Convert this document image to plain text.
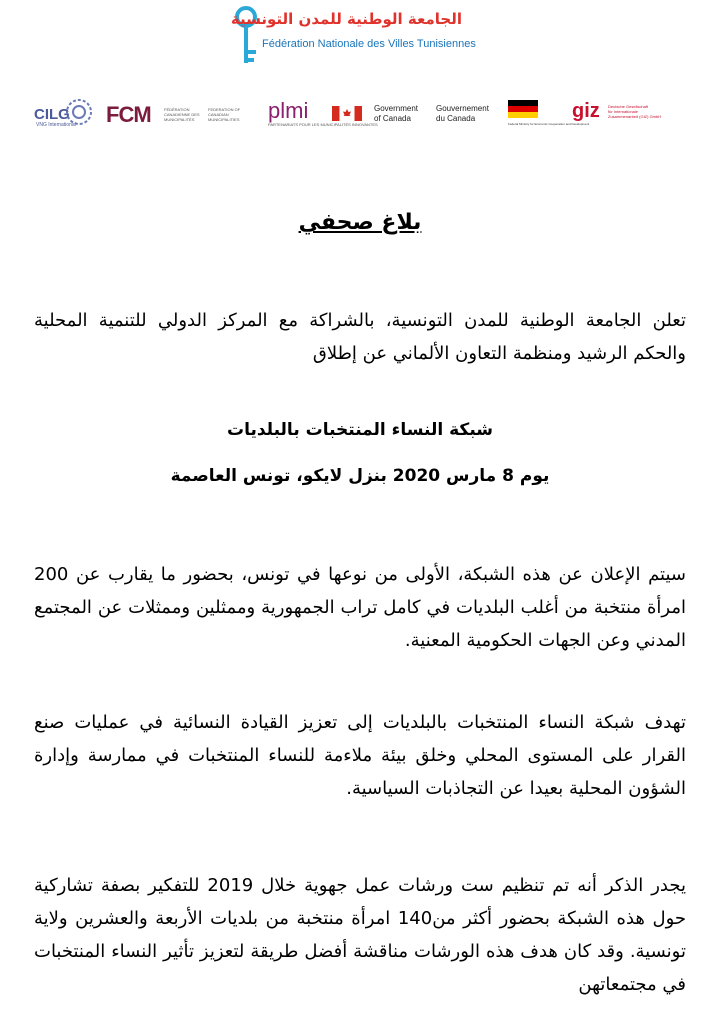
الجامعة الوطنية للمدن التونسية
Fédération Nationale des Villes Tunisiennes
CILG
VNG International FCM	FÉDÉRATION CANADIENNE DES MUNICIPALITÉS
FEDERATION OF CANADIAN MUNICIPALITIES	plmi
PARTENARIATS POUR LES MUNICIPALITÉS INNOVANTES
Government
of Canada
Gouvernement
du Canada
Federal Ministry for Economic Cooperation and Development
giz Deutsche Gesellschaft
für Internationale
Zusammenarbeit (GIZ) GmbH
بلاغ صحفي
تعلن الجامعة الوطنية للمدن التونسية، بالشراكة مع المركز الدولي للتنمية المحلية والحكم الرشيد ومنظمة التعاون الألماني عن إطلاق
شبكة النساء المنتخبات بالبلديات
يوم 8 مارس 2020 بنزل لايكو، تونس العاصمة
سيتم الإعلان عن هذه الشبكة، الأولى من نوعها في تونس، بحضور ما يقارب عن 200 امرأة منتخبة من أغلب البلديات في كامل تراب الجمهورية وممثلين وممثلات عن المجتمع المدني وعن الجهات الحكومية المعنية.
تهدف شبكة النساء المنتخبات بالبلديات إلى تعزيز القيادة النسائية في عمليات صنع القرار على المستوى المحلي وخلق بيئة ملاءمة للنساء المنتخبات في ممارسة وإدارة الشؤون المحلية بعيدا عن التجاذبات السياسية.
يجدر الذكر أنه تم تنظيم ست ورشات عمل جهوية خلال 2019 للتفكير بصفة تشاركية حول هذه الشبكة بحضور أكثر من140 امرأة منتخبة من بلديات الأربعة والعشرين ولاية تونسية. وقد كان هدف هذه الورشات مناقشة أفضل طريقة لتعزيز تأثير النساء المنتخبات في مجتمعاتهن
